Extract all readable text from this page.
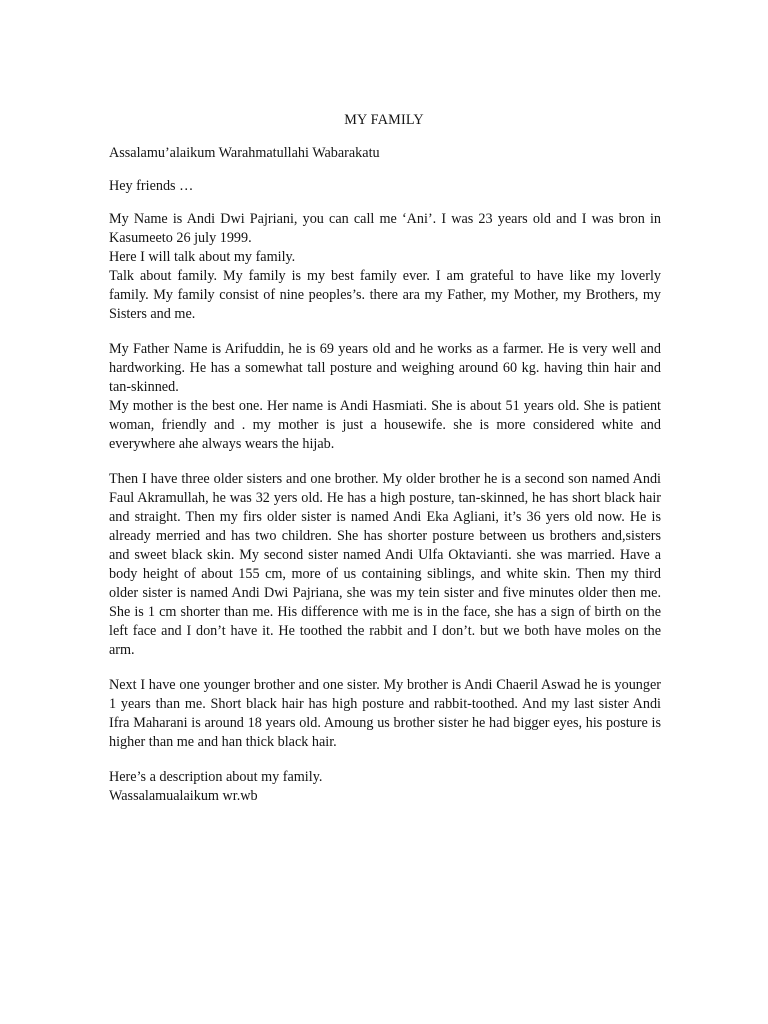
MY FAMILY

Assalamu’alaikum Warahmatullahi Wabarakatu

Hey friends …

My Name is Andi Dwi Pajriani, you can call me ‘Ani’. I was 23 years old and I was bron in Kasumeeto 26 july 1999.

Here I will talk about my family.

Talk about family. My family is my best family ever. I am grateful to have like my loverly family. My family consist of nine peoples’s. there ara my Father, my Mother, my Brothers, my Sisters and me.

My Father Name is Arifuddin, he is 69 years old and he works as a farmer. He is very well and hardworking. He has a somewhat tall posture and weighing around 60 kg. having thin hair and tan-skinned.

My mother is the best one. Her name is Andi Hasmiati. She is about 51 years old. She is patient woman, friendly and . my mother is just a housewife. she is more considered white and everywhere ahe always wears the hijab.

Then I have three older sisters and one brother. My older brother he is a second son named Andi Faul Akramullah, he was 32 yers old. He has a high posture, tan-skinned, he has short black hair and straight. Then my firs older sister is named Andi Eka Agliani, it’s 36 yers old now. He is already merried and has two children. She has shorter posture between us brothers and,sisters and sweet black skin. My second sister named Andi Ulfa Oktavianti. she was married. Have a body height of about 155 cm, more of us containing siblings, and white skin. Then my third older sister is named Andi Dwi Pajriana, she was my tein sister and five minutes older then me. She is 1 cm shorter than me. His difference with me is in the face, she has a sign of birth on the left face and I don’t have it. He toothed the rabbit and I don’t. but we both have moles on the arm.

Next I have one younger brother and one sister. My brother is Andi Chaeril Aswad he is younger 1 years than me. Short black hair has high posture and rabbit-toothed. And my last sister Andi Ifra Maharani is around 18 years old. Amoung us brother sister he had bigger eyes, his posture is higher than me and han thick black hair.

Here’s a description about my family.

Wassalamualaikum wr.wb
